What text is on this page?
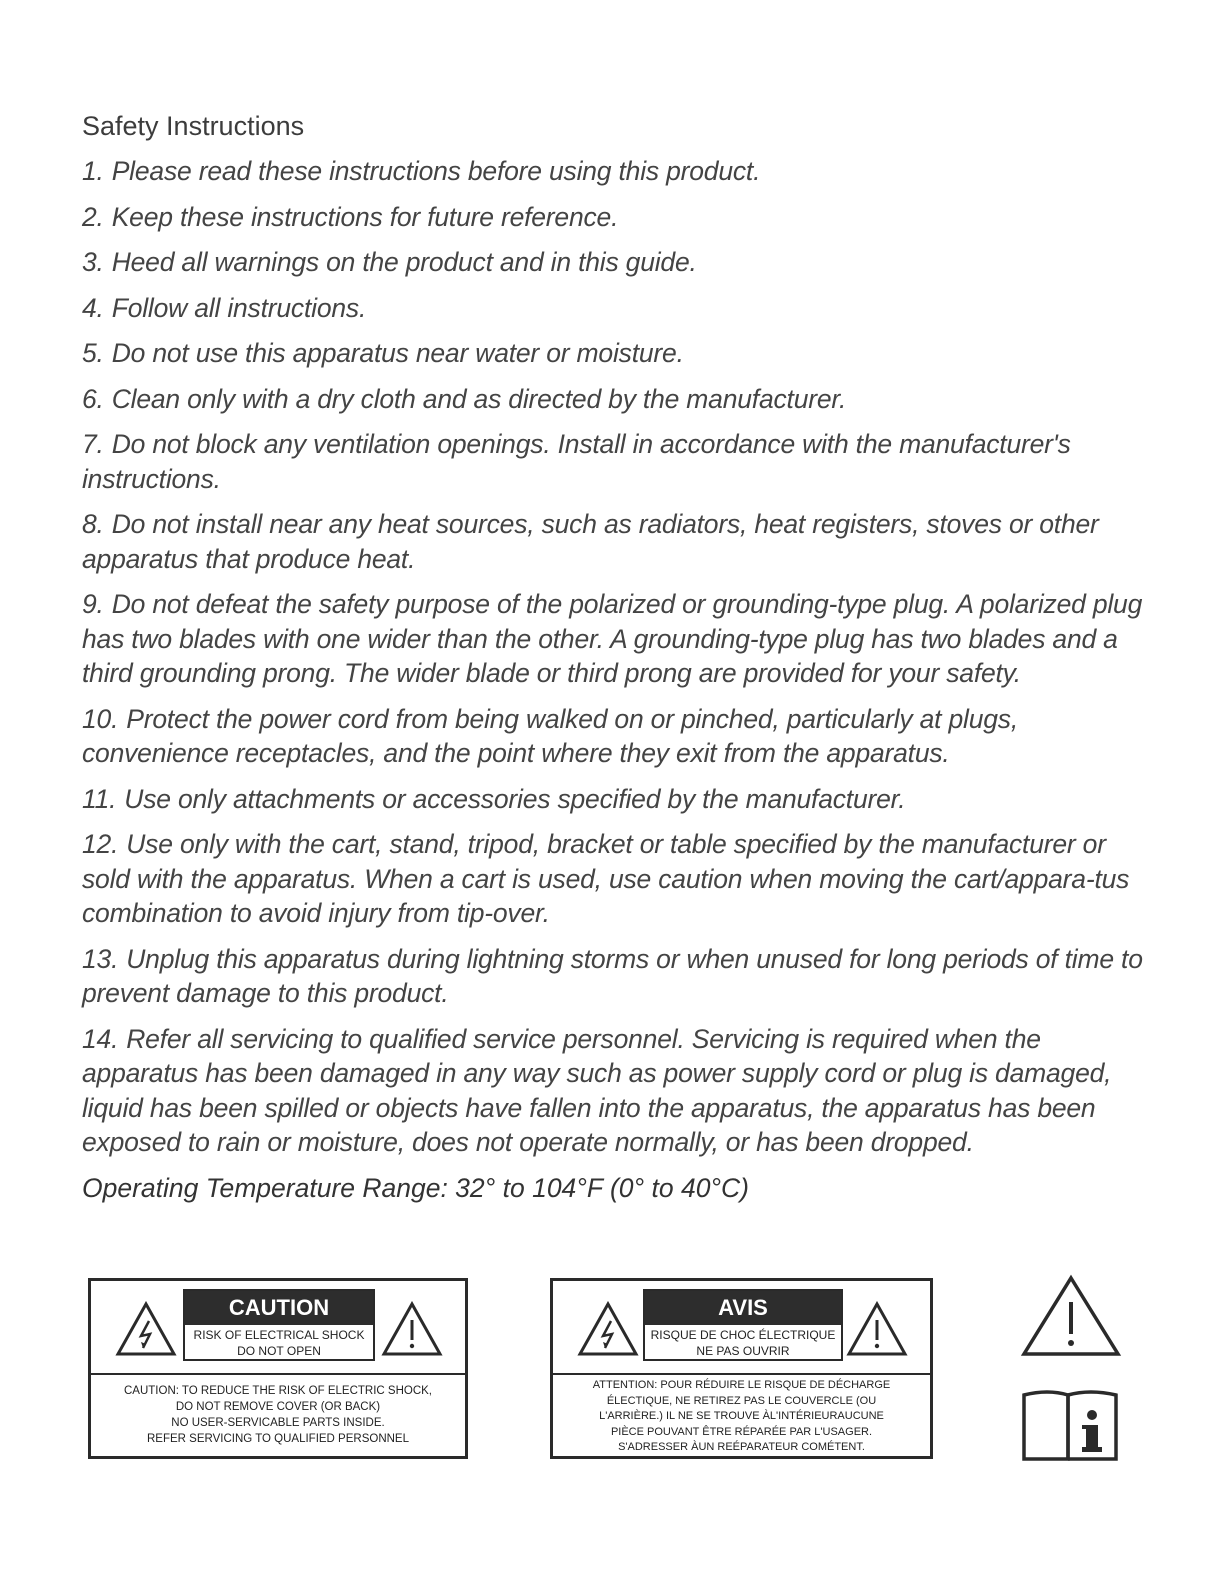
Safety Instructions
1. Please read these instructions before using this product.
2. Keep these instructions for future reference.
3. Heed all warnings on the product and in this guide.
4. Follow all instructions.
5. Do not use this apparatus near water or moisture.
6. Clean only with a dry cloth and as directed by the manufacturer.
7. Do not block any ventilation openings. Install in accordance with the manufacturer's instructions.
8. Do not install near any heat sources, such as radiators, heat registers, stoves or other apparatus that produce heat.
9. Do not defeat the safety purpose of the polarized or grounding-type plug. A polarized plug has two blades with one wider than the other. A grounding-type plug has two blades and a third grounding prong. The wider blade or third prong are provided for your safety.
10. Protect the power cord from being walked on or pinched, particularly at plugs, convenience receptacles, and the point where they exit from the apparatus.
11. Use only attachments or accessories specified by the manufacturer.
12. Use only with the cart, stand, tripod, bracket or table specified by the manufacturer or sold with the apparatus. When a cart is used, use caution when moving the cart/appara-tus combination to avoid injury from tip-over.
13. Unplug this apparatus during lightning storms or when unused for long periods of time to prevent damage to this product.
14. Refer all servicing to qualified service personnel. Servicing is required when the apparatus has been damaged in any way such as power supply cord or plug is damaged, liquid has been spilled or objects have fallen into the apparatus, the apparatus has been exposed to rain or moisture, does not operate normally, or has been dropped.
Operating Temperature Range: 32° to 104°F (0° to 40°C)
CAUTION
RISK OF ELECTRICAL SHOCK
DO NOT OPEN
CAUTION: TO REDUCE THE RISK OF ELECTRIC SHOCK,
DO NOT REMOVE COVER (OR BACK)
NO USER-SERVICABLE PARTS INSIDE.
REFER SERVICING TO QUALIFIED PERSONNEL
AVIS
RISQUE DE CHOC ÉLECTRIQUE
NE PAS OUVRIR
ATTENTION: POUR RÉDUIRE LE RISQUE DE DÉCHARGE
ÉLECTIQUE, NE RETIREZ PAS LE COUVERCLE (OU
L'ARRIÈRE.) IL NE SE TROUVE ÀL'INTÉRIEURAUCUNE
PIÈCE POUVANT ÊTRE RÉPARÉE PAR L'USAGER.
S'ADRESSER ÀUN REÉPARATEUR COMÉTENT.
